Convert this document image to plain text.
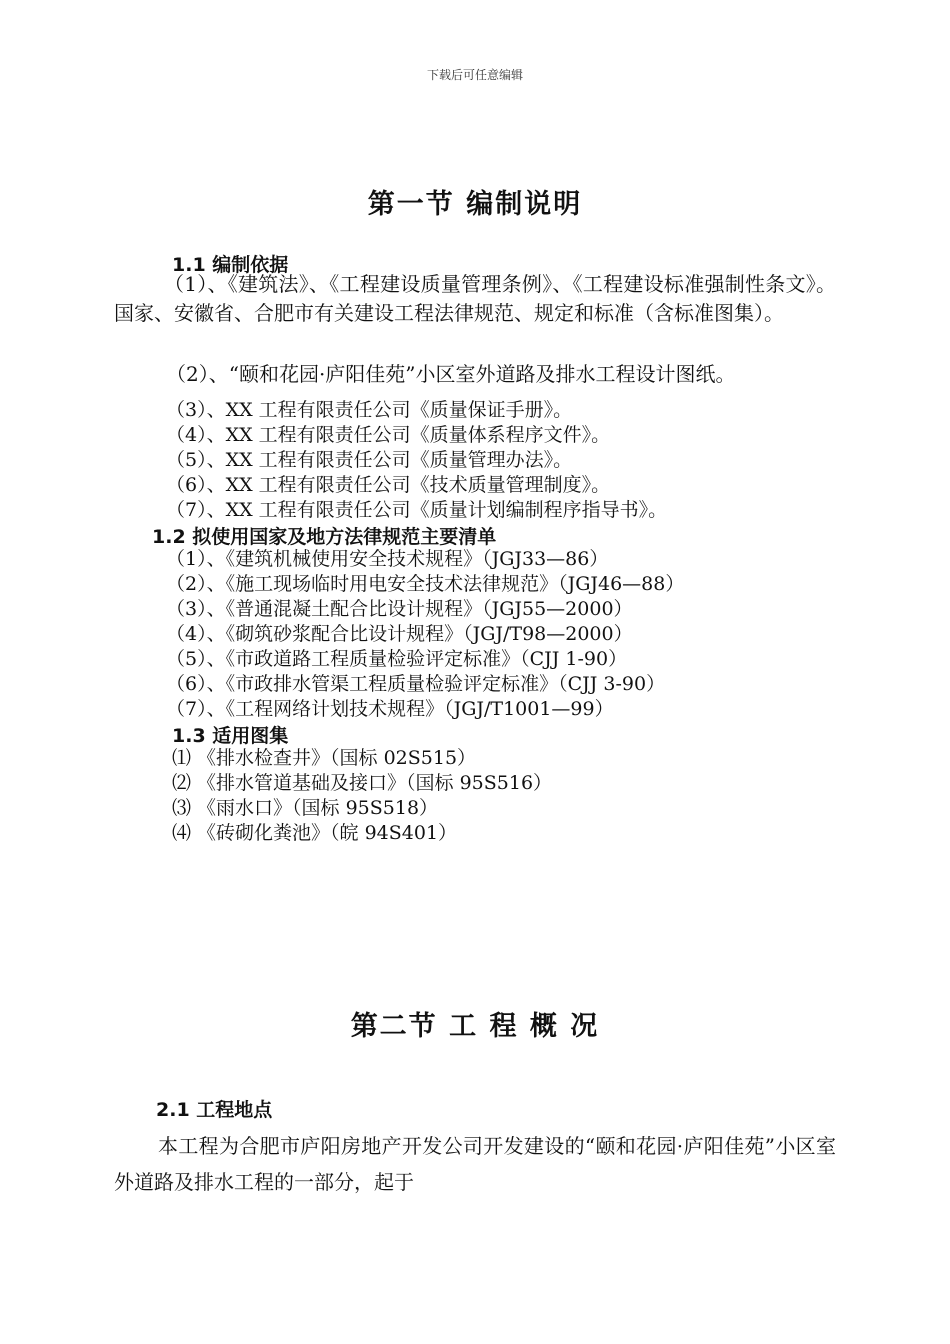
下载后可任意编辑
第一节 编制说明
1.1 编制依据
（1）、《建筑法》、《工程建设质量管理条例》、《工程建设标准强制性条文》。国家、安徽省、合肥市有关建设工程法律规范、规定和标准（含标准图集）。
（2）、“颐和花园·庐阳佳苑”小区室外道路及排水工程设计图纸。
（3）、XX 工程有限责任公司《质量保证手册》。
（4）、XX 工程有限责任公司《质量体系程序文件》。
（5）、XX 工程有限责任公司《质量管理办法》。
（6）、XX 工程有限责任公司《技术质量管理制度》。
（7）、XX 工程有限责任公司《质量计划编制程序指导书》。
1.2 拟使用国家及地方法律规范主要清单
（1）、《建筑机械使用安全技术规程》（JGJ33—86）
（2）、《施工现场临时用电安全技术法律规范》（JGJ46—88）
（3）、《普通混凝土配合比设计规程》（JGJ55—2000）
（4）、《砌筑砂浆配合比设计规程》（JGJ/T98—2000）
（5）、《市政道路工程质量检验评定标准》（CJJ 1-90）
（6）、《市政排水管渠工程质量检验评定标准》（CJJ 3-90）
（7）、《工程网络计划技术规程》（JGJ/T1001—99）
1.3 适用图集
⑴ 《排水检查井》（国标 02S515）
⑵ 《排水管道基础及接口》（国标 95S516）
⑶ 《雨水口》（国标 95S518）
⑷ 《砖砌化粪池》（皖 94S401）
第二节 工 程 概 况
2.1 工程地点
本工程为合肥市庐阳房地产开发公司开发建设的“颐和花园·庐阳佳苑”小区室外道路及排水工程的一部分，起于
